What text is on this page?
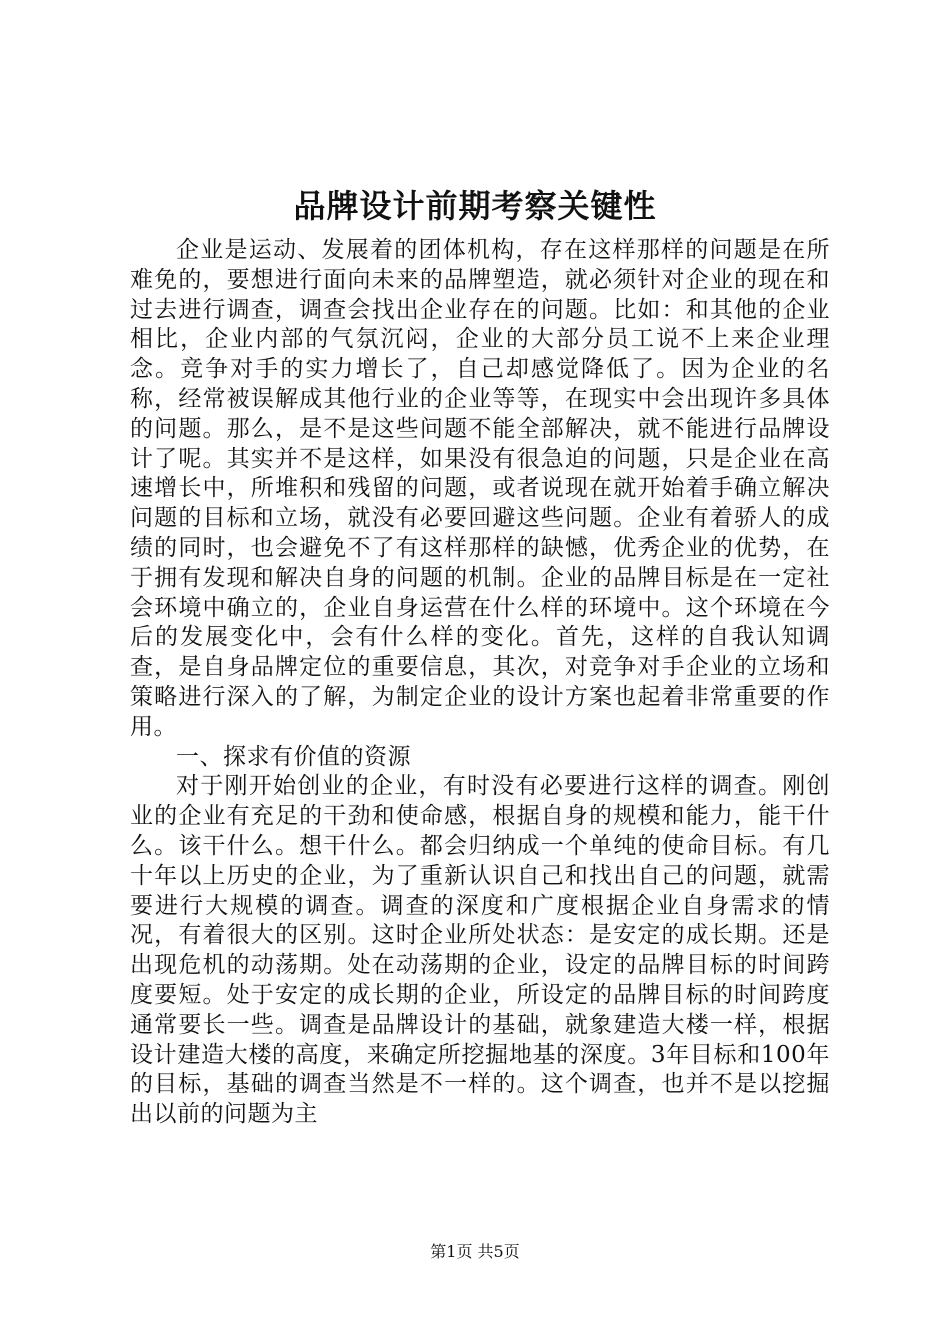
品牌设计前期考察关键性

企业是运动、发展着的团体机构，存在这样那样的问题是在所难免的，要想进行面向未来的品牌塑造，就必须针对企业的现在和过去进行调查，调查会找出企业存在的问题。比如：和其他的企业相比，企业内部的气氛沉闷，企业的大部分员工说不上来企业理念。竞争对手的实力增长了，自己却感觉降低了。因为企业的名称，经常被误解成其他行业的企业等等，在现实中会出现许多具体的问题。那么，是不是这些问题不能全部解决，就不能进行品牌设计了呢。其实并不是这样，如果没有很急迫的问题，只是企业在高速增长中，所堆积和残留的问题，或者说现在就开始着手确立解决问题的目标和立场，就没有必要回避这些问题。企业有着骄人的成绩的同时，也会避免不了有这样那样的缺憾，优秀企业的优势，在于拥有发现和解决自身的问题的机制。企业的品牌目标是在一定社会环境中确立的，企业自身运营在什么样的环境中。这个环境在今后的发展变化中，会有什么样的变化。首先，这样的自我认知调查，是自身品牌定位的重要信息，其次，对竞争对手企业的立场和策略进行深入的了解，为制定企业的设计方案也起着非常重要的作用。

一、探求有价值的资源

对于刚开始创业的企业，有时没有必要进行这样的调查。刚创业的企业有充足的干劲和使命感，根据自身的规模和能力，能干什么。该干什么。想干什么。都会归纳成一个单纯的使命目标。有几十年以上历史的企业，为了重新认识自己和找出自己的问题，就需要进行大规模的调查。调查的深度和广度根据企业自身需求的情况，有着很大的区别。这时企业所处状态：是安定的成长期。还是出现危机的动荡期。处在动荡期的企业，设定的品牌目标的时间跨度要短。处于安定的成长期的企业，所设定的品牌目标的时间跨度通常要长一些。调查是品牌设计的基础，就象建造大楼一样，根据设计建造大楼的高度，来确定所挖掘地基的深度。3年目标和100年的目标，基础的调查当然是不一样的。这个调查，也并不是以挖掘出以前的问题为主

第1页 共5页
